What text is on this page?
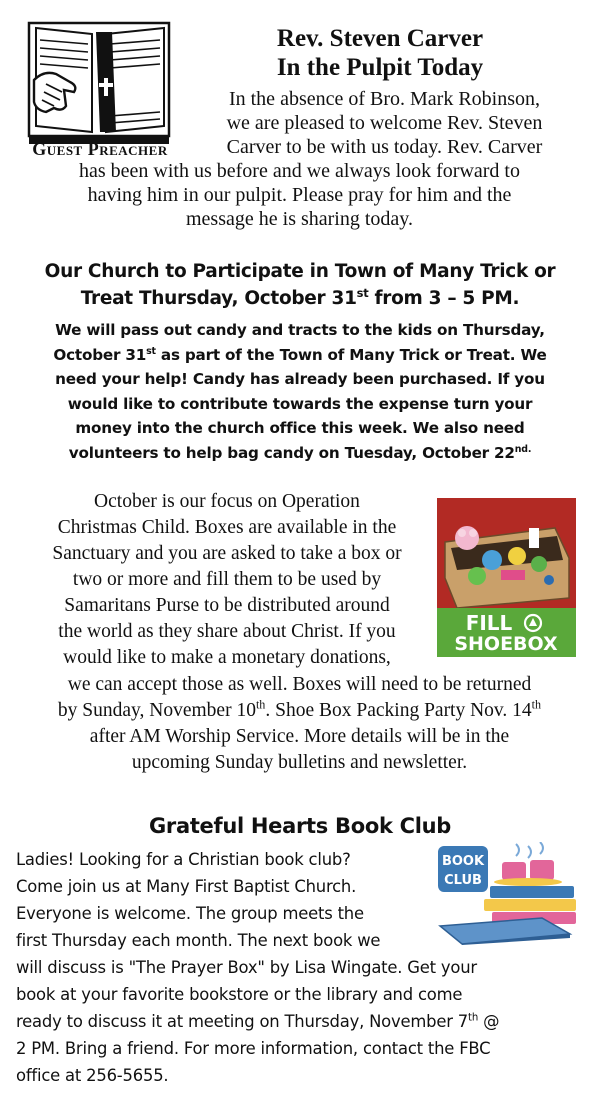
Guest Preacher
Rev. Steven Carver
In the Pulpit Today

In the absence of Bro. Mark Robinson,
we are pleased to welcome Rev. Steven
Carver to be with us today. Rev. Carver

has been with us before and we always look forward to
having him in our pulpit. Please pray for him and the
message he is sharing today.

Our Church to Participate in Town of Many Trick or
Treat Thursday, October 31st from 3 – 5 PM.

We will pass out candy and tracts to the kids on Thursday,
October 31st as part of the Town of Many Trick or Treat. We
need your help! Candy has already been purchased. If you
would like to contribute towards the expense turn your
money into the church office this week. We also need
volunteers to help bag candy on Tuesday, October $22^{nd.}$

FILL
SHOEBOX

October is our focus on Operation
Christmas Child. Boxes are available in the
Sanctuary and you are asked to take a box or
two or more and fill them to be used by
Samaritans Purse to be distributed around
the world as they share about Christ. If you
would like to make a monetary donations,

we can accept those as well. Boxes will need to be returned
by Sunday, November 10th. Shoe Box Packing Party Nov. 14th
after AM Worship Service. More details will be in the
upcoming Sunday bulletins and newsletter.

Grateful Hearts Book Club
BOOK
CLUB

Ladies! Looking for a Christian book club?
Come join us at Many First Baptist Church.
Everyone is welcome. The group meets the
first Thursday each month. The next book we

will discuss is "The Prayer Box" by Lisa Wingate. Get your
book at your favorite bookstore or the library and come
ready to discuss it at meeting on Thursday, November 7th @
2 PM. Bring a friend. For more information, contact the FBC
office at 256-5655.
